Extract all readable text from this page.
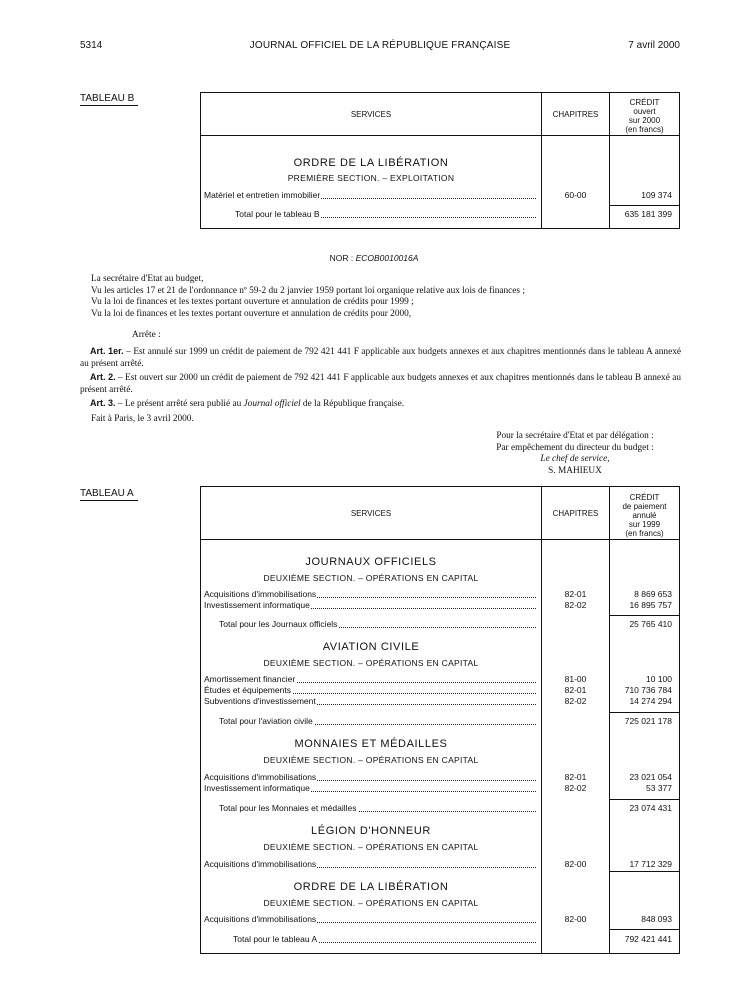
5314	JOURNAL OFFICIEL DE LA RÉPUBLIQUE FRANÇAISE	7 avril 2000
TABLEAU B
SERVICES	CHAPITRES
CRÉDIT
ouvert
sur 2000
(en francs)
ORDRE DE LA LIBÉRATION
PREMIÈRE SECTION. – EXPLOITATION
Matériel et entretien immobilier	60-00	109 374
Total pour le tableau B	635 181 399
NOR : ECOB0010016A
La secrétaire d'Etat au budget,
Vu les articles 17 et 21 de l'ordonnance nº 59-2 du 2 janvier 1959 portant loi organique relative aux lois de finances ;
Vu la loi de finances et les textes portant ouverture et annulation de crédits pour 1999 ;
Vu la loi de finances et les textes portant ouverture et annulation de crédits pour 2000,
Arrête :
Art. 1er. – Est annulé sur 1999 un crédit de paiement de 792 421 441 F applicable aux budgets annexes et aux chapitres mentionnés dans le tableau A annexé au présent arrêté.
Art. 2. – Est ouvert sur 2000 un crédit de paiement de 792 421 441 F applicable aux budgets annexes et aux chapitres mentionnés dans le tableau B annexé au présent arrêté.
Art. 3. – Le présent arrêté sera publié au Journal officiel de la République française.
Fait à Paris, le 3 avril 2000.
Pour la secrétaire d'Etat et par délégation :
Par empêchement du directeur du budget :
Le chef de service,
S. MAHIEUX
TABLEAU A
SERVICES	CHAPITRES
CRÉDIT
de paiement
annulé
sur 1999
(en francs)
JOURNAUX OFFICIELS
DEUXIÈME SECTION. – OPÉRATIONS EN CAPITAL
Acquisitions d'immobilisations	82-01	8 869 653
Investissement informatique	82-02	16 895 757
Total pour les Journaux officiels	25 765 410
AVIATION CIVILE
DEUXIÈME SECTION. – OPÉRATIONS EN CAPITAL
Amortissement financier	81-00	10 100
Études et équipements	82-01	710 736 784
Subventions d'investissement	82-02	14 274 294
Total pour l'aviation civile	725 021 178
MONNAIES ET MÉDAILLES
DEUXIÈME SECTION. – OPÉRATIONS EN CAPITAL
Acquisitions d'immobilisations	82-01	23 021 054
Investissement informatique	82-02	53 377
Total pour les Monnaies et médailles	23 074 431
LÉGION D'HONNEUR
DEUXIÈME SECTION. – OPÉRATIONS EN CAPITAL
Acquisitions d'immobilisations	82-00	17 712 329
ORDRE DE LA LIBÉRATION
DEUXIÈME SECTION. – OPÉRATIONS EN CAPITAL
Acquisitions d'immobilisations	82-00	848 093
Total pour le tableau A	792 421 441
